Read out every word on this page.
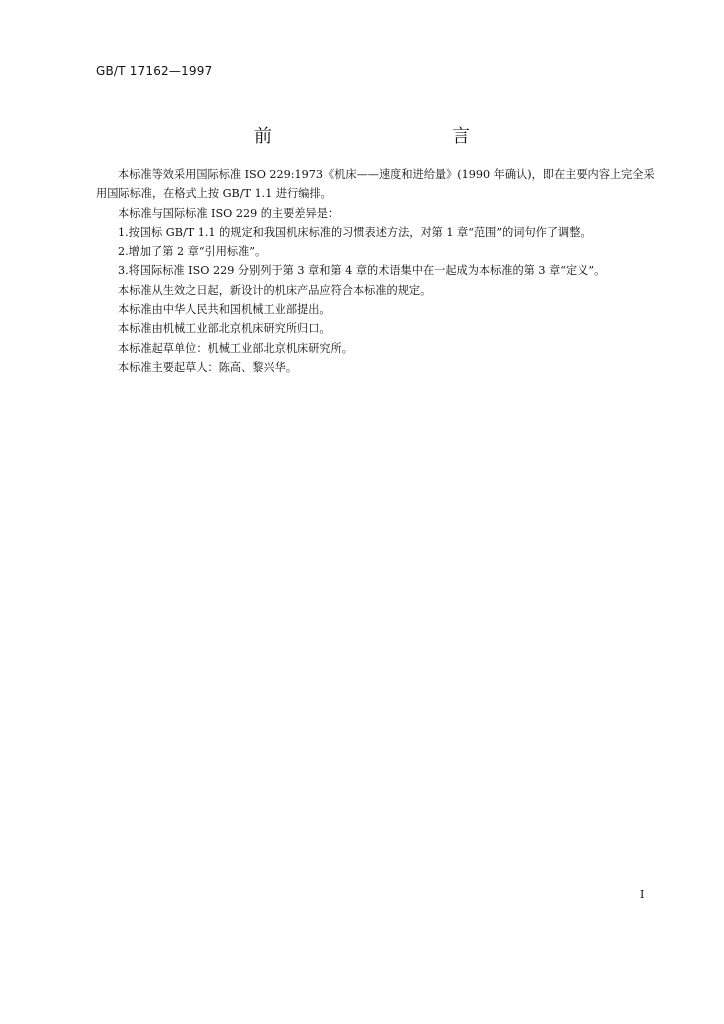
GB/T 17162—1997
前　　言

本标准等效采用国际标准 ISO 229:1973《机床——速度和进给量》(1990 年确认)，即在主要内容上完全采用国际标准，在格式上按 GB/T 1.1 进行编排。

本标准与国际标准 ISO 229 的主要差异是：

1.按国标 GB/T 1.1 的规定和我国机床标准的习惯表述方法，对第 1 章“范围”的词句作了调整。

2.增加了第 2 章“引用标准”。

3.将国际标准 ISO 229 分别列于第 3 章和第 4 章的术语集中在一起成为本标准的第 3 章“定义”。

本标准从生效之日起，新设计的机床产品应符合本标准的规定。

本标准由中华人民共和国机械工业部提出。

本标准由机械工业部北京机床研究所归口。

本标准起草单位：机械工业部北京机床研究所。

本标准主要起草人：陈高、黎兴华。

I
